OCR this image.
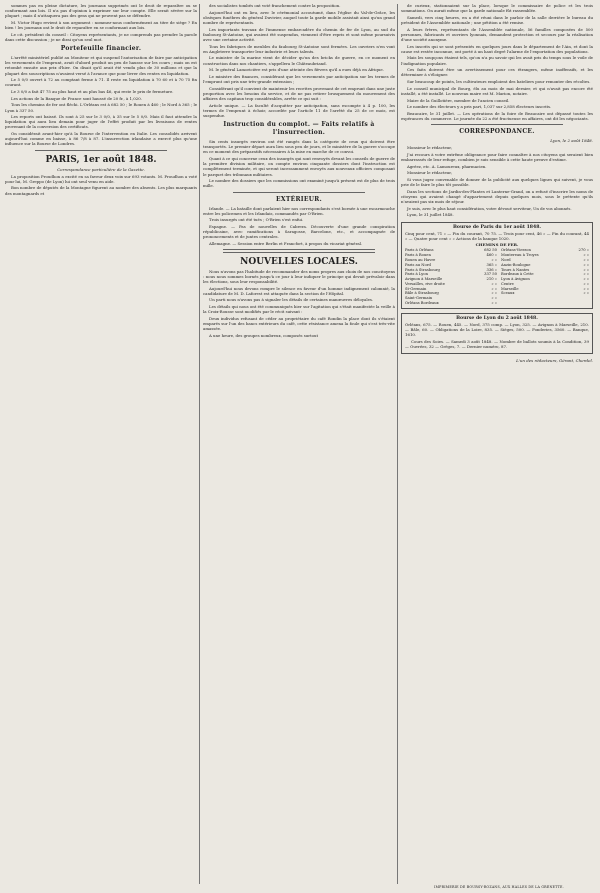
sommes pas en pleine dictature, les journaux supprimés ont le droit de reparaître ou se conformant aux lois. Il n'a pas d'opinion à exprimer sur leur compte. Elle serait sévère sur la plupart ; mais il n'attaquera pas des gens qui ne peuvent pas se défendre.

M. Victor Hugo revient à son argument : nommez-nous conformément au titre de siège ? En bien ! les journaux ont le droit de reparaître en se conformant aux lois.

Le cit. président du conseil : Citoyens représentants, je ne comprends pas prendre la parole dans cette discussion ; je ne dirai qu'un seul mot.

Portefeuille financier.

L'arrêté ministériel publié au Moniteur et qui suspend l'autorisation de faire par anticipation les versements de l'emprunt, avait d'abord produit un peu de hausse sur les cours ; mais on est retombé ensuite aux prix d'hier. On disait qu'il avait été vendu plus de 30 millions et que la plupart des souscriptions n'avaient versé à l'avance que pour livrer des rentes en liquidation.

Le 5 0/0 ouvert à 72 au comptant ferme à 71. Il reste en liquidation à 70 60 et à 70 75 fin courant.

Le 3 0/0 a fait 47 75 au plus haut et au plus bas 46, qui reste le prix de fermeture.

Les actions de la Banque de France sont haussé de 20 fr., à 1,020.

Tous les chemins de fer ont fléchi. L'Orléans est à 682 50 ; le Rouen à 460 ; le Nord à 365 ; le Lyon à 337 50.

Les reports ont baissé. Ils sont à 25 sur le 3 0/0, à 35 sur le 5 0/0. Mais il faut attendre la liquidation qui aura lieu demain pour juger de l'effet produit par les livraisons de rentes provenant de la conversion des certificats.

On considérait avant-hier qu'à la Bourse de l'intervention en Italie. Les consolidés arrivent aujourd'hui comme en baisse, à 86 7/8 à 87. L'insurrection irlandaise a exercé plus qu'une influence sur la Bourse de Londres.

PARIS, 1er août 1848.
Correspondance particulière de la Gazette.

La proposition Proudhon a excité en sa faveur deux voix sur 693 votants. M. Proudhon a voté pour lui, M. Greppo (de Lyon) lui ont seul venu en aide.

Bon nombre de députés de la Montagne figurent au nombre des absents. Les plus marquants des montagnards et

des socialistes tombés ont voté franchement contre la proposition.

Aujourd'hui ont eu lieu, avec le cérémonial accoutumé, dans l'église du Val-de-Grâce, les obsèques funèbres du général Duvivier, auquel toute la garde mobile assistait ainsi qu'un grand nombre de représentants.

Les importants travaux de l'immense embarcadère du chemin de fer de Lyon, au sud du faubourg St-Antoine, qui avaient été suspendus, viennent d'être repris et sont même poursuivis avec une certaine activité.

Tous les fabriques de meubles du faubourg St-Antoine sont fermées. Les ouvriers n'en vont en Angleterre transporter leur industrie et leurs talents.

Le ministre de la marine vient de décider qu'un des bricks de guerre, en ce moment en construction dans nos chantiers, s'appellera le Châteaubriand.

M. le général Lamoricière est pris d'une atteinte des fièvres qu'il a eues déjà en Afrique.

Le ministre des finances, considérant que les versements par anticipation sur les termes de l'emprunt ont pris une très-grande extension ;

Considérant qu'il convient de maintenir les recettes provenant de cet emprunt dans une juste proportion avec les besoins du service, et de ne pas retirer brusquement du mouvement des affaires des capitaux trop considérables, arrête ce qui suit :

Article unique. — La faculté d'acquitter par anticipation, sans escompte à 4 p. 100, les termes de l'emprunt à échoir, accordée par l'article 11 de l'arrêté du 25 de ce mois, est suspendue.

Instruction du complot. — Faits relatifs à l'insurrection.

Six cents insurgés environ ont été rangés dans la catégorie de ceux qui doivent être transportés. Le premier départ aura lieu sous peu de jours, et le ministère de la guerre s'occupe en ce moment des préparatifs nécessaires à la mise en marche de ce convoi.

Quant à ce qui concerne ceux des insurgés qui sont renvoyés devant les conseils de guerre de la première division militaire, on compte environ cinquante dossiers dont l'instruction est complètement terminée, et qui seront incessamment envoyés aux nouveaux officiers composant le parquet des tribunaux militaires.

Le nombre des dossiers que les commissions ont examiné jusqu'à présent est de plus de trois mille.

EXTÉRIEUR.

Irlande. — La bataille dont parlaient hier nos correspondants s'est bornée à une escarmouche entre les policemen et les Irlandais, commandés par O'Brien.

Trois insurgés ont été tués ; O'Brien s'est enfui.

Espagne. — Pas de nouvelles de Cabrera. Découverte d'une grande conspiration républicaine, avec ramifications à Saragosse, Barcelone, etc., et accompagnée de prononcements et de juntes centrales.

Allemagne. — Session entre Berlin et Francfort, à propos du vicariat général.

NOUVELLES LOCALES.

Nous n'avons pas l'habitude de recommander des noms propres aux choix de nos concitoyens : nous nous sommes bornés jusqu'à ce jour à leur indiquer le principe qui devait prévaloir dans les élections, sous leur responsabilité.

Aujourd'hui nous devons rompre le silence en faveur d'un homme indignement calomnié, la candidature de M. D. Laforest est attaquée dans la section de l'Hôpital.

Un parti nous n'avons pas à signaler les détails de certaines manœuvres déloyales.

Les détails qui nous ont été communiqués hier sur l'agitation qui s'était manifestée la veille à la Croix-Rousse sont modifiés par le récit suivant :

Deux individus refusant de céder au propriétaire du café Rondin la place dont ils s'étaient emparés sur l'un des bancs extérieurs du café, cette résistance amena la foule qui s'est très-vite amassée.

A une heure, des groupes nombreux, composés surtout

de curieux, stationnaient sur la place, lorsque le commissaire de police et les trois sommations. On aurait même que la garde nationale fût rassemblée.

Samedi, vers cinq heures, en a été réuni dans le parloir de la salle derrière le bureau du président de l'Assemblée nationale ; une pétition a été remise.

A leurs frères, représentants de l'Assemblée nationale, 56 familles composées de 500 personnes, fabricants et ouvriers lyonnais, demandent protection et secours par la réalisation d'une société anonyme.

Les inscrits qui se sont présentés en quelques jours dans le département de l'Ain, et dont la cause est restée inconnue, ont porté à un haut degré l'alarme de l'exportation des populations.

Mais les soupçons étaient tels, qu'on n'a pu savoir qui les avait pris du temps sous le voile de l'indignation populaire.

Ces faits doivent être un avertissement pour ces étrangers, même inoffensifs, et les déterminer à s'éloigner.

Sur beaucoup de points, les cultivateurs emploient des bateliers pour remonter des récoltes.

Le conseil municipal de Bourg, élu au mois de mai dernier, et qui n'avait pas encore été installé, a été installé. Le nouveau maire est M. Marion, notaire.

Maire de la Guillotière, membre de l'ancien conseil.

Le nombre des électeurs y a pris part, 1,037 sur 2,858 électeurs inscrits.

Beaucaire, le 31 juillet. — Les opérations de la foire de Beaucaire ont dépassé toutes les espérances du commerce. Le journée du 22 a été fructueuse en affaires, ont dit les négociants.

CORRESPONDANCE.
Lyon, le 2 août 1848.

Monsieur le rédacteur,

J'ai recours à votre extrême obligeance pour faire connaître à nos citoyens qui seraient bien embarrassés de leur refuge, combien je suis sensible à cette haute preuve d'estime.

Agréez, etc. A. Lamoureux, pharmacien.

Monsieur le rédacteur,

Si vous jugez convenable de donner de la publicité aux quelques lignes qui suivent, je vous prie de le faire le plus tôt possible.

Dans les sections de Jardin-des-Plantes et Lanterne-Grand, on a refusé d'inscrire les noms de citoyens qui avaient changé d'appartement depuis quelques mois, sous le prétexte qu'ils n'avaient pas six mois de séjour.

Je suis, avec le plus haut considération, votre dévoué serviteur, Un de vos abonnés.

Lyon, le 31 juillet 1848.

Bourse de Paris du 1er août 1848.

Cinq pour cent, 71 » — Fin du courant, 70 75. — Trois pour cent, 46 » — Fin du courant, 44 » — Quatre pour cent » » Actions de la banque 1020.

CHEMINS DE FER.
Paris à Orléans	682 50
Paris à Rouen	460 »
Rouen au Havre	» »
Paris au Nord	365 »
Paris à Strasbourg	336 »
Paris à Lyon	337 50
Avignon à Marseille	210 »
Versailles, rive droite	» »
St-Germain	» »
Bâle à Strasbourg	» »
Saint-Germain	» »
Orléans Bordeaux	» »

Orléans-Vierzon	270 »
Montereau à Troyes	» »
Nord	» »
Anzin-Boulogne	» »
Tours à Nantes	» »
Bordeaux à Cette	» »
Lyon à Avignon	» »
Centre	» »
Marseille	» »
Sceaux	» »
Bourse de Lyon du 2 août 1848.

Orléans, 675. — Rouen, 445. — Nord, 375 comp. — Lyon, 325. — Avignon à Marseille, 210. — Bâle, 60. — Obligations de la Loire, 835. — Sièges, 500. — Fonderies, 3560. — Banque, 1610.

Cours des Soies. — Samedi 3 août 1848. — Nombre de ballots soumis à la Condition, 39 — Ouvrées, 32 — Grèges, 7. — Dernier numéro, 87.

L'un des rédacteurs, Gérant, Cherdel.
IMPRIMERIE DE BOURSY-ROZANS, AUX HALLES DE LA GRENETTE.
